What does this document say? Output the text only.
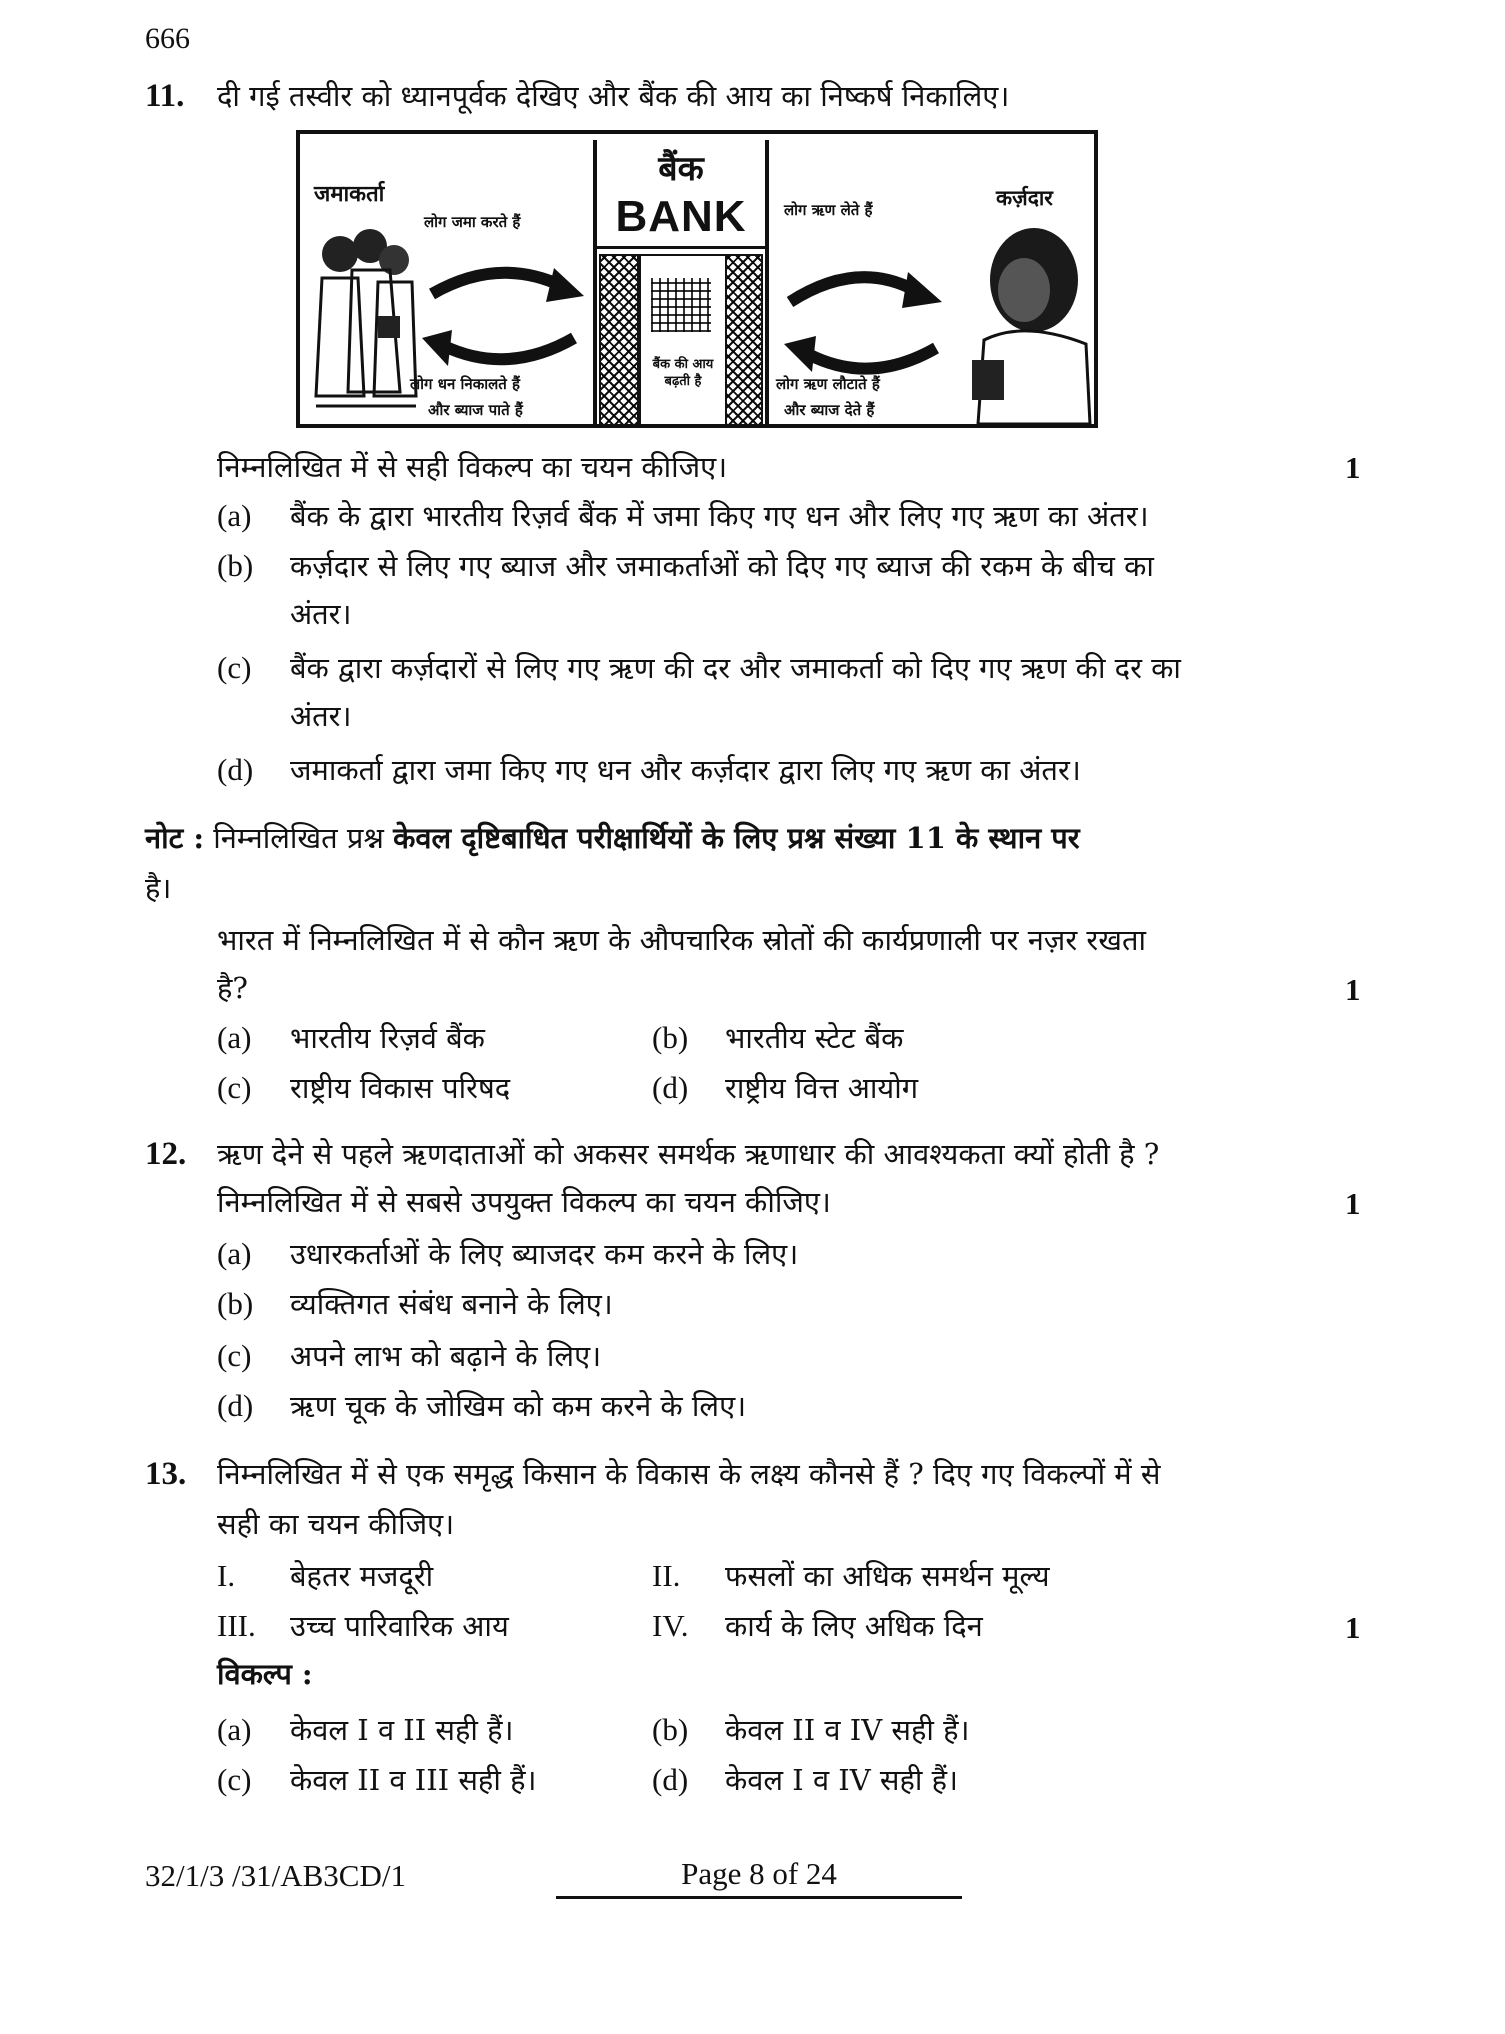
666
11. दी गई तस्वीर को ध्यानपूर्वक देखिए और बैंक की आय का निष्कर्ष निकालिए।
जमाकर्ता
लोग जमा करते हैं
लोग धन निकालते हैं
और ब्याज पाते हैं
बैंक
BANK
बैंक की आय
बढ़ती है
लोग ऋण लेते हैं	कर्ज़दार
लोग ऋण लौटाते हैं
और ब्याज देते हैं
निम्नलिखित में से सही विकल्प का चयन कीजिए।	1
(a) बैंक के द्वारा भारतीय रिज़र्व बैंक में जमा किए गए धन और लिए गए ऋण का अंतर।
(b) कर्ज़दार से लिए गए ब्याज और जमाकर्ताओं को दिए गए ब्याज की रकम के बीच का
अंतर।
(c) बैंक द्वारा कर्ज़दारों से लिए गए ऋण की दर और जमाकर्ता को दिए गए ऋण की दर का
अंतर।
(d) जमाकर्ता द्वारा जमा किए गए धन और कर्ज़दार द्वारा लिए गए ऋण का अंतर।
नोट : निम्नलिखित प्रश्न केवल दृष्टिबाधित परीक्षार्थियों के लिए प्रश्न संख्या 11 के स्थान पर
है।
भारत में निम्नलिखित में से कौन ऋण के औपचारिक स्रोतों की कार्यप्रणाली पर नज़र रखता
है?	1
(a) भारतीय रिज़र्व बैंक	(b) भारतीय स्टेट बैंक
(c) राष्ट्रीय विकास परिषद	(d) राष्ट्रीय वित्त आयोग
12. ऋण देने से पहले ऋणदाताओं को अकसर समर्थक ऋणाधार की आवश्यकता क्यों होती है ?
निम्नलिखित में से सबसे उपयुक्त विकल्प का चयन कीजिए।	1
(a) उधारकर्ताओं के लिए ब्याजदर कम करने के लिए।
(b) व्यक्तिगत संबंध बनाने के लिए।
(c) अपने लाभ को बढ़ाने के लिए।
(d) ऋण चूक के जोखिम को कम करने के लिए।
13. निम्नलिखित में से एक समृद्ध किसान के विकास के लक्ष्य कौनसे हैं ? दिए गए विकल्पों में से
सही का चयन कीजिए।
I. बेहतर मजदूरी	II. फसलों का अधिक समर्थन मूल्य
III. उच्च पारिवारिक आय	IV. कार्य के लिए अधिक दिन	1
विकल्प :
(a) केवल I व II सही हैं।	(b) केवल II व IV सही हैं।
(c) केवल II व III सही हैं।	(d) केवल I व IV सही हैं।
32/1/3 /31/AB3CD/1	Page 8 of 24
